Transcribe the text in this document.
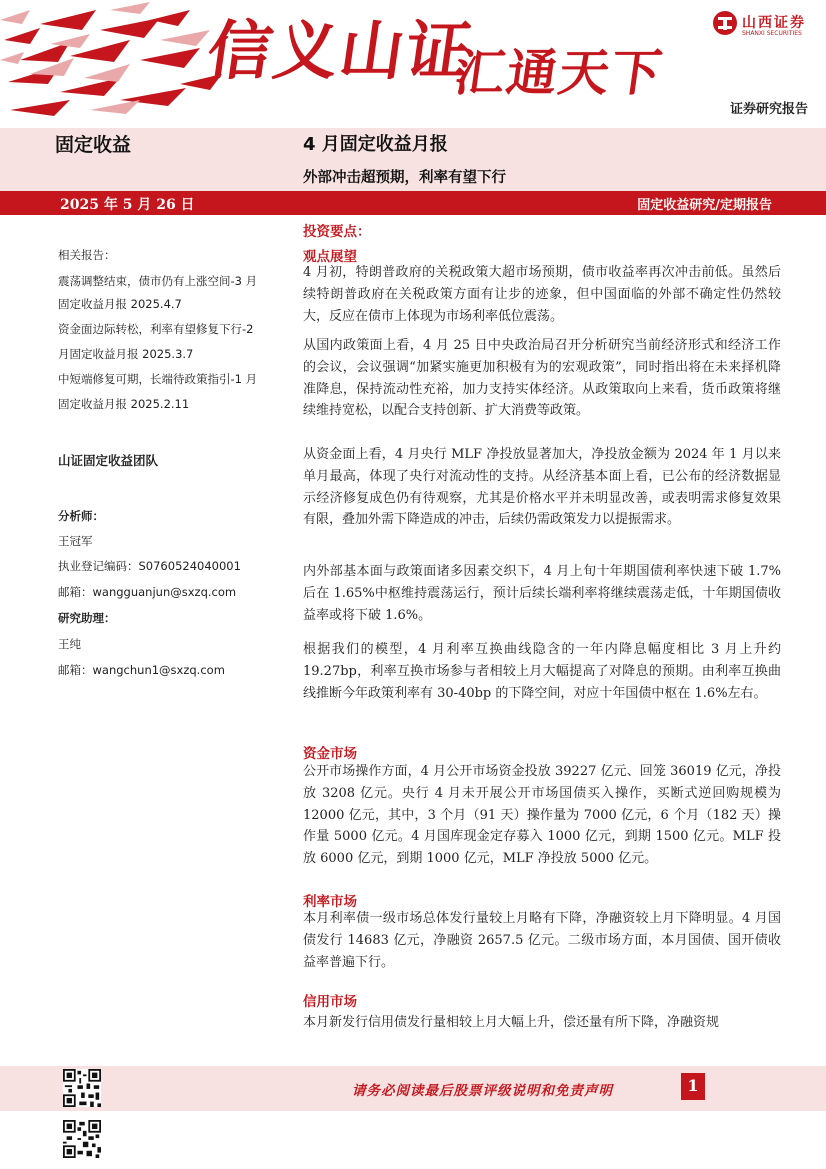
信义山证
汇通天下
山西证券
SHANXI SECURITIES
证券研究报告
固定收益	4 月固定收益月报
外部冲击超预期，利率有望下行
2025 年 5 月 26 日	固定收益研究/定期报告
相关报告：
震荡调整结束，债市仍有上涨空间-3 月
固定收益月报 2025.4.7
资金面边际转松，利率有望修复下行-2
月固定收益月报 2025.3.7
中短端修复可期，长端待政策指引-1 月
固定收益月报 2025.2.11
山证固定收益团队
分析师：
王冠军
执业登记编码：S0760524040001
邮箱：wangguanjun@sxzq.com
研究助理：
王纯
邮箱：wangchun1@sxzq.com
投资要点：
观点展望

4 月初，特朗普政府的关税政策大超市场预期，债市收益率再次冲击前低。虽然后续特朗普政府在关税政策方面有让步的迹象，但中国面临的外部不确定性仍然较大，反应在债市上体现为市场利率低位震荡。

从国内政策面上看，4 月 25 日中央政治局召开分析研究当前经济形式和经济工作的会议，会议强调“加紧实施更加积极有为的宏观政策”，同时指出将在未来择机降准降息，保持流动性充裕，加力支持实体经济。从政策取向上来看，货币政策将继续维持宽松，以配合支持创新、扩大消费等政策。

从资金面上看，4 月央行 MLF 净投放显著加大，净投放金额为 2024 年 1 月以来单月最高，体现了央行对流动性的支持。从经济基本面上看，已公布的经济数据显示经济修复成色仍有待观察，尤其是价格水平并未明显改善，或表明需求修复效果有限，叠加外需下降造成的冲击，后续仍需政策发力以提振需求。

内外部基本面与政策面诸多因素交织下，4 月上旬十年期国债利率快速下破 1.7%后在 1.65%中枢维持震荡运行，预计后续长端利率将继续震荡走低，十年期国债收益率或将下破 1.6%。

根据我们的模型，4 月利率互换曲线隐含的一年内降息幅度相比 3 月上升约 19.27bp，利率互换市场参与者相较上月大幅提高了对降息的预期。由利率互换曲线推断今年政策利率有 30-40bp 的下降空间，对应十年国债中枢在 1.6%左右。

资金市场

公开市场操作方面，4 月公开市场资金投放 39227 亿元、回笼 36019 亿元，净投放 3208 亿元。央行 4 月未开展公开市场国债买入操作，买断式逆回购规模为 12000 亿元，其中，3 个月（91 天）操作量为 7000 亿元，6 个月（182 天）操作量 5000 亿元。4 月国库现金定存募入 1000 亿元，到期 1500 亿元。MLF 投放 6000 亿元，到期 1000 亿元，MLF 净投放 5000 亿元。

利率市场

本月利率债一级市场总体发行量较上月略有下降，净融资较上月下降明显。4 月国债发行 14683 亿元，净融资 2657.5 亿元。二级市场方面，本月国债、国开债收益率普遍下行。

信用市场

本月新发行信用债发行量相较上月大幅上升，偿还量有所下降，净融资规

请务必阅读最后股票评级说明和免责声明	1
